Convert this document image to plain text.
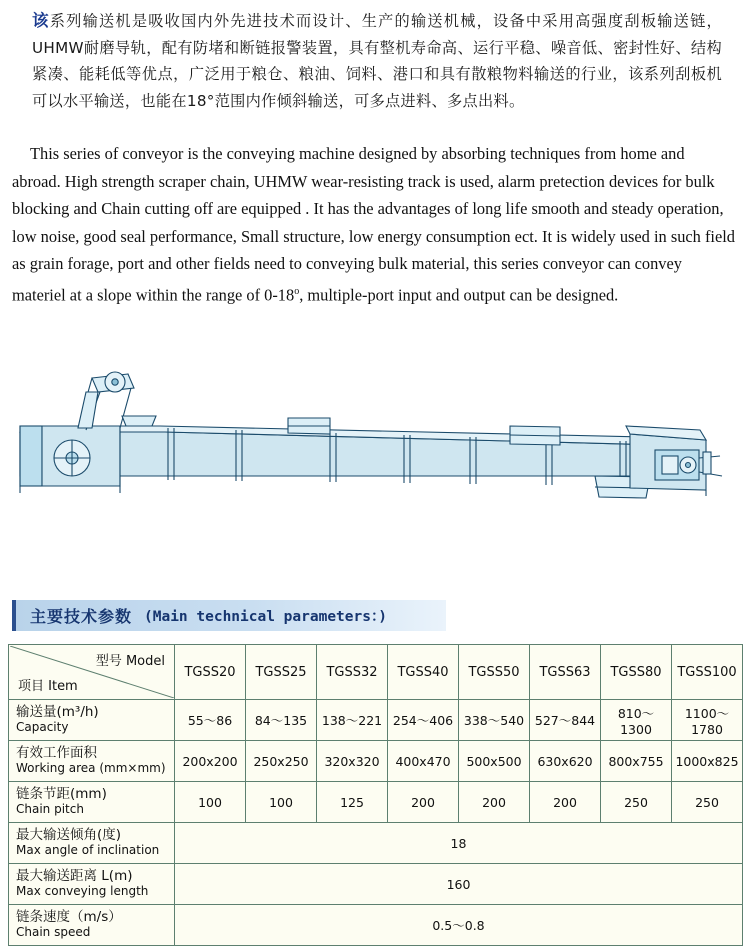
该系列输送机是吸收国内外先进技术而设计、生产的输送机械，设备中采用高强度刮板输送链，UHMW耐磨导轨，配有防堵和断链报警装置，具有整机寿命高、运行平稳、噪音低、密封性好、结构紧凑、能耗低等优点，广泛用于粮仓、粮油、饲料、港口和具有散粮物料输送的行业，该系列刮板机可以水平输送，也能在18°范围内作倾斜输送，可多点进料、多点出料。
This series of conveyor is the conveying machine designed by absorbing techniques from home and abroad. High strength scraper chain, UHMW wear-resisting track is used, alarm pretection devices for bulk blocking and Chain cutting off are equipped . It has the advantages of long life smooth and steady operation, low noise, good seal performance, Small structure, low energy consumption ect. It is widely used in such field as grain forage, port and other fields need to conveying bulk material, this series conveyor can convey materiel at a slope within the range of 0-18$^o$, multiple-port input and output can be designed.
主要技术参数 (Main technical parameters：)
型号 Model
项目 Item	TGSS20	TGSS25	TGSS32	TGSS40	TGSS50	TGSS63	TGSS80	TGSS100

输送量(m³/h)
Capacity	55～86	84～135	138～221	254～406	338～540	527～844	810～1300	1100～1780

有效工作面积
Working area (mm×mm)	200x200	250x250	320x320	400x470	500x500	630x620	800x755	1000x825

链条节距(mm)
Chain pitch	100	100	125	200	200	200	250	250

最大输送倾角(度)
Max angle of inclination	18							

最大输送距离 L(m)
Max conveying length	160							

链条速度（m/s）
Chain speed	0.5～0.8							
